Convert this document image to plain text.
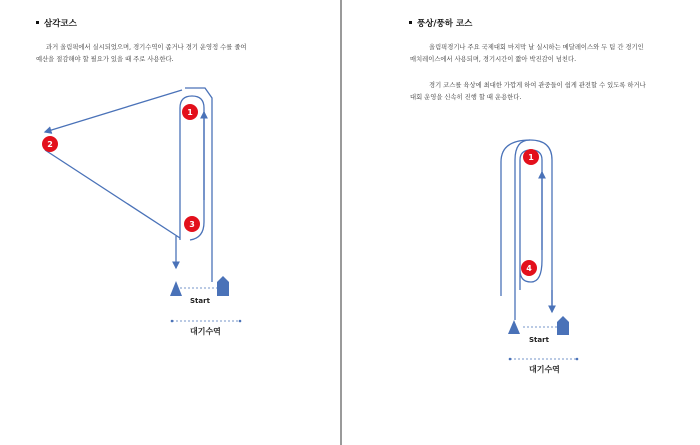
삼각코스
과거 올림픽에서 실시되었으며, 경기수역이 좁거나 경기 운영정 수를 줄여
예산을 절감해야 할 필요가 있을 때 주로 사용한다.
1
2
3
Start
대기수역
풍상/풍하 코스
올림픽경기나 주요 국제대회 마지막 날 실시하는 메달레이스와 두 팀 간 경기인
매치레이스에서 사용되며, 경기시간이 짧아 박진감이 넘친다.
경기 코스를 육상에 최대한 가깝게 하여 관중들이 쉽게 관전할 수 있도록 하거나
대회 운영을 신속히 진행 할 때 운용한다.
1
4
Start
대기수역
